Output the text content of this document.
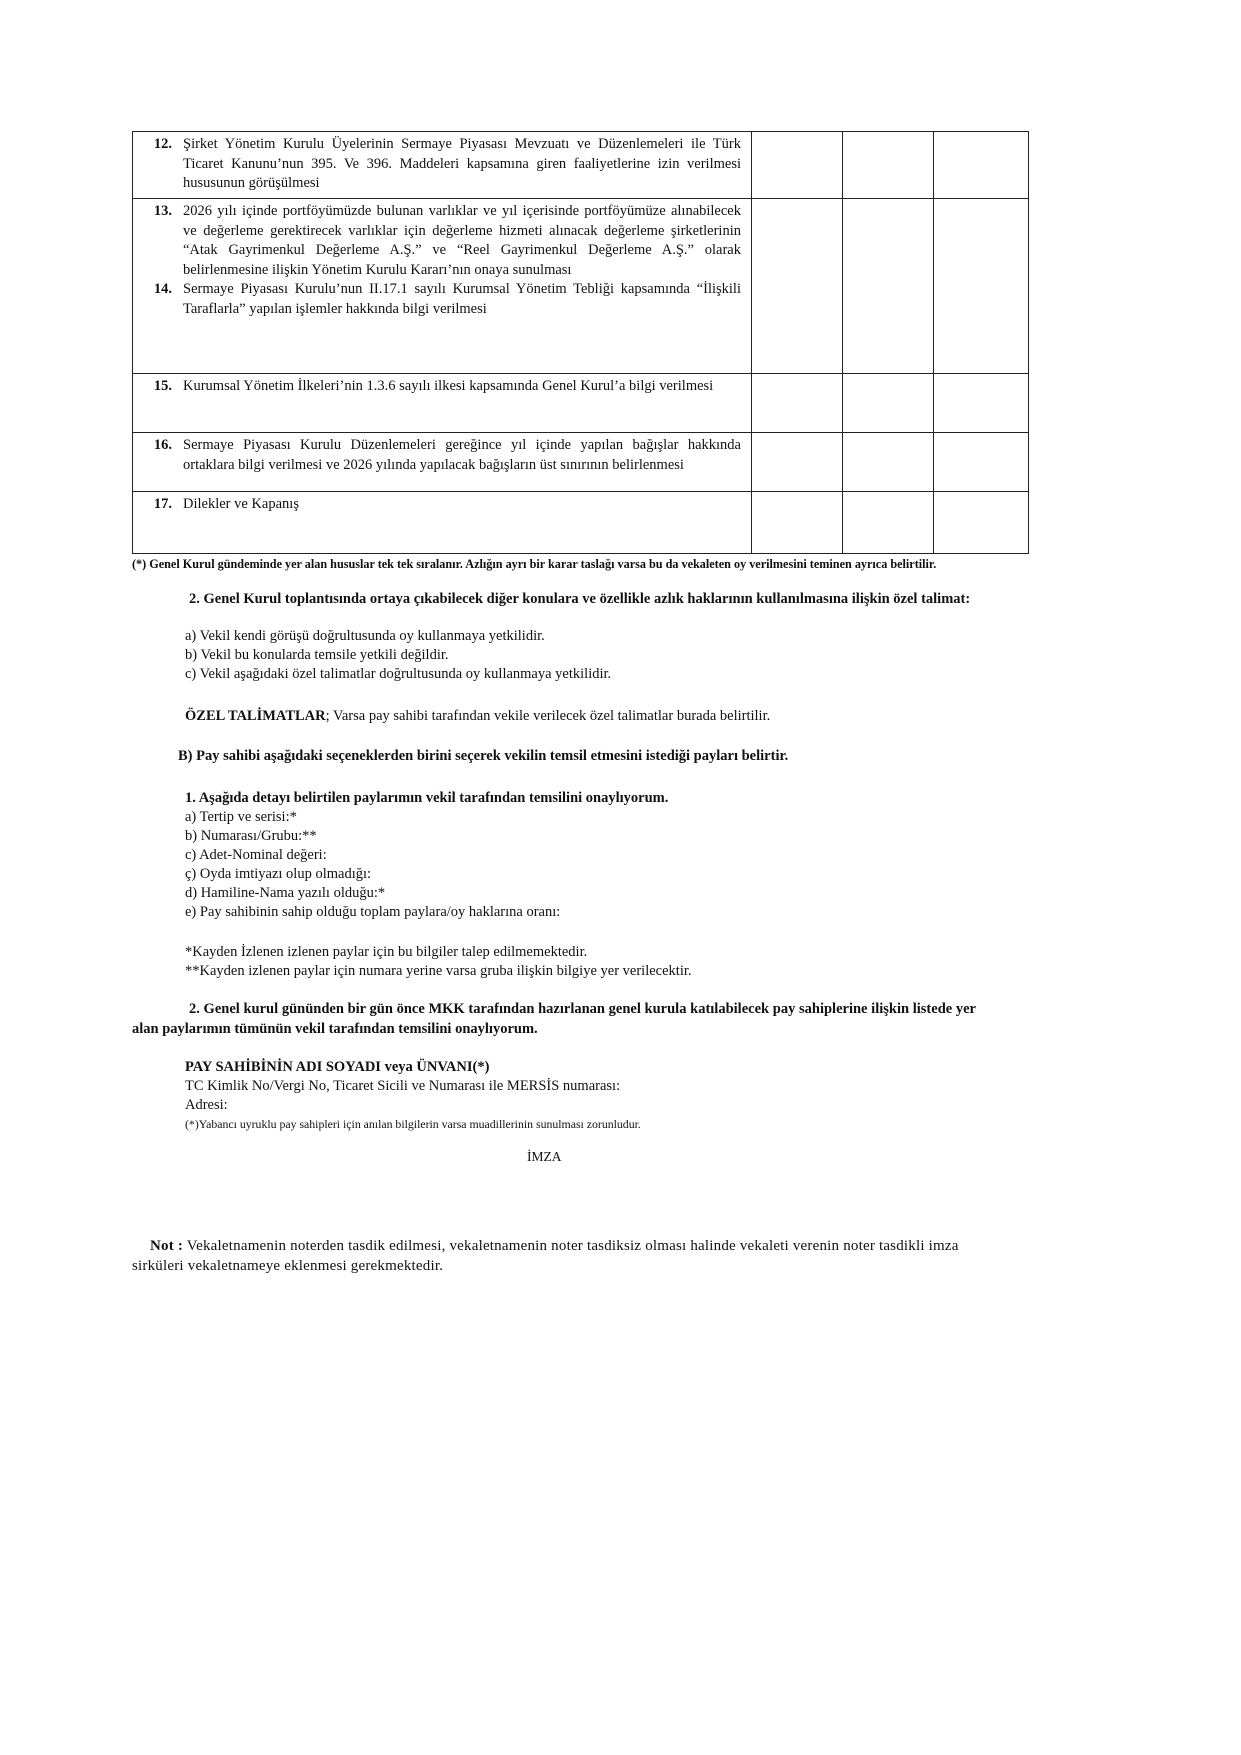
12. Şirket Yönetim Kurulu Üyelerinin Sermaye Piyasası Mevzuatı ve Düzenlemeleri ile Türk Ticaret Kanunu’nun 395. Ve 396. Maddeleri kapsamına giren faaliyetlerine izin verilmesi hususunun görüşülmesi			

13. 2026 yılı içinde portföyümüzde bulunan varlıklar ve yıl içerisinde portföyümüze alınabilecek ve değerleme gerektirecek varlıklar için değerleme hizmeti alınacak değerleme şirketlerinin “Atak Gayrimenkul Değerleme A.Ş.” ve “Reel Gayrimenkul Değerleme A.Ş.” olarak belirlenmesine ilişkin Yönetim Kurulu Kararı’nın onaya sunulması
14. Sermaye Piyasası Kurulu’nun II.17.1 sayılı Kurumsal Yönetim Tebliği kapsamında “İlişkili Taraflarla” yapılan işlemler hakkında bilgi verilmesi			

15. Kurumsal Yönetim İlkeleri’nin 1.3.6 sayılı ilkesi kapsamında Genel Kurul’a bilgi verilmesi			

16. Sermaye Piyasası Kurulu Düzenlemeleri gereğince yıl içinde yapılan bağışlar hakkında ortaklara bilgi verilmesi ve 2026 yılında yapılacak bağışların üst sınırının belirlenmesi			

17. Dilekler ve Kapanış			

(*) Genel Kurul gündeminde yer alan hususlar tek tek sıralanır. Azlığın ayrı bir karar taslağı varsa bu da vekaleten oy verilmesini teminen ayrıca belirtilir.
2. Genel Kurul toplantısında ortaya çıkabilecek diğer konulara ve özellikle azlık haklarının kullanılmasına ilişkin özel talimat:
a) Vekil kendi görüşü doğrultusunda oy kullanmaya yetkilidir.
b) Vekil bu konularda temsile yetkili değildir.
c) Vekil aşağıdaki özel talimatlar doğrultusunda oy kullanmaya yetkilidir.
ÖZEL TALİMATLAR; Varsa pay sahibi tarafından vekile verilecek özel talimatlar burada belirtilir.
B) Pay sahibi aşağıdaki seçeneklerden birini seçerek vekilin temsil etmesini istediği payları belirtir.
1. Aşağıda detayı belirtilen paylarımın vekil tarafından temsilini onaylıyorum.
a) Tertip ve serisi:*
b) Numarası/Grubu:**
c) Adet-Nominal değeri:
ç) Oyda imtiyazı olup olmadığı:
d) Hamiline-Nama yazılı olduğu:*
e) Pay sahibinin sahip olduğu toplam paylara/oy haklarına oranı:
*Kayden İzlenen izlenen paylar için bu bilgiler talep edilmemektedir.
**Kayden izlenen paylar için numara yerine varsa gruba ilişkin bilgiye yer verilecektir.
2. Genel kurul gününden bir gün önce MKK tarafından hazırlanan genel kurula katılabilecek pay sahiplerine ilişkin listede yer alan paylarımın tümünün vekil tarafından temsilini onaylıyorum.
PAY SAHİBİNİN ADI SOYADI veya ÜNVANI(*)
TC Kimlik No/Vergi No, Ticaret Sicili ve Numarası ile MERSİS numarası:
Adresi:
(*)Yabancı uyruklu pay sahipleri için anılan bilgilerin varsa muadillerinin sunulması zorunludur.
İMZA
Not : Vekaletnamenin noterden tasdik edilmesi, vekaletnamenin noter tasdiksiz olması halinde vekaleti verenin noter tasdikli imza sirküleri vekaletnameye eklenmesi gerekmektedir.
